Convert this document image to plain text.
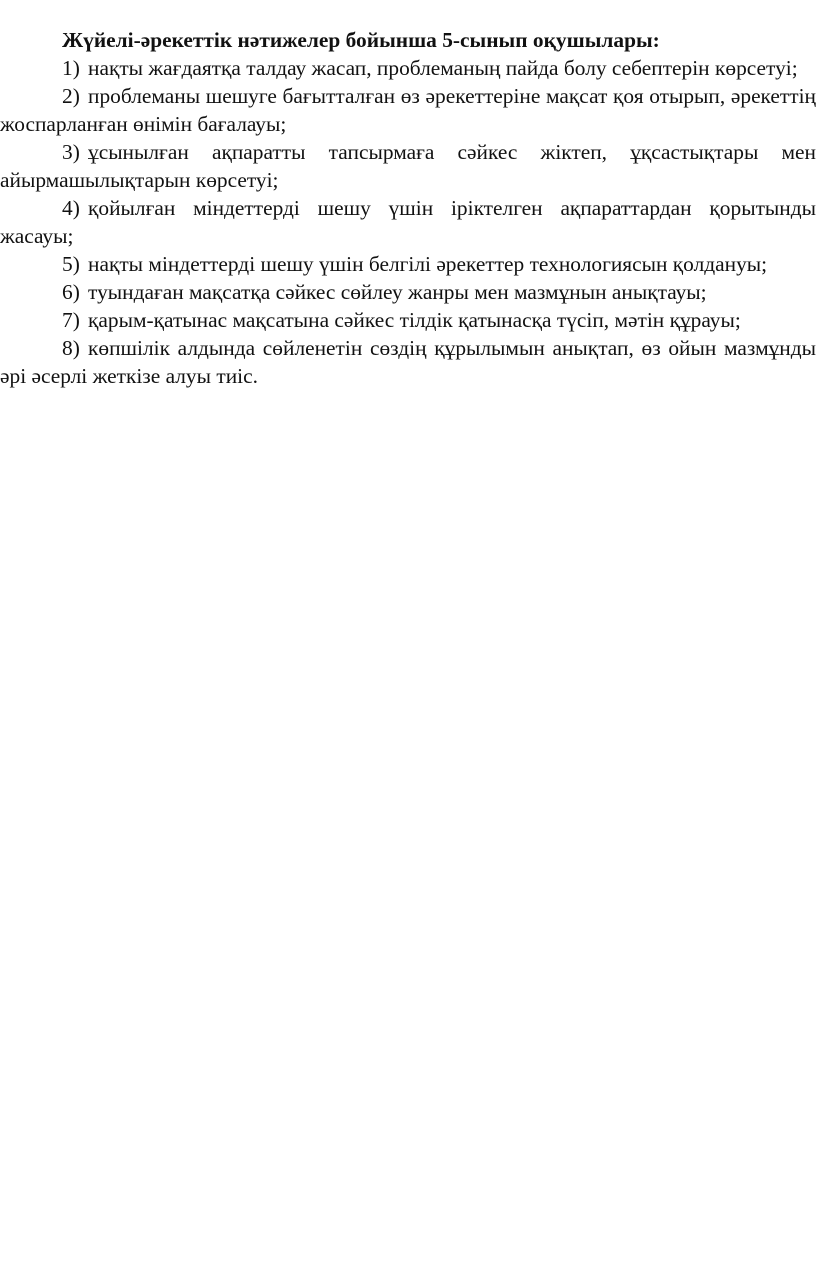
Жүйелі-әрекеттік нәтижелер бойынша 5-сынып оқушылары:

1) нақты жағдаятқа талдау жасап, проблеманың пайда болу себептерін көрсетуі;

2) проблеманы шешуге бағытталған өз әрекеттеріне мақсат қоя отырып, әрекеттің жоспарланған өнімін бағалауы;

3) ұсынылған ақпаратты тапсырмаға сәйкес жіктеп, ұқсастықтары мен айырмашылықтарын көрсетуі;

4) қойылған міндеттерді шешу үшін іріктелген ақпараттардан қорытынды жасауы;

5) нақты міндеттерді шешу үшін белгілі әрекеттер технологиясын қолдануы;

6) туындаған мақсатқа сәйкес сөйлеу жанры мен мазмұнын анықтауы;

7) қарым-қатынас мақсатына сәйкес тілдік қатынасқа түсіп, мәтін құрауы;

8) көпшілік алдында сөйленетін сөздің құрылымын анықтап, өз ойын мазмұнды әрі әсерлі жеткізе алуы тиіс.
